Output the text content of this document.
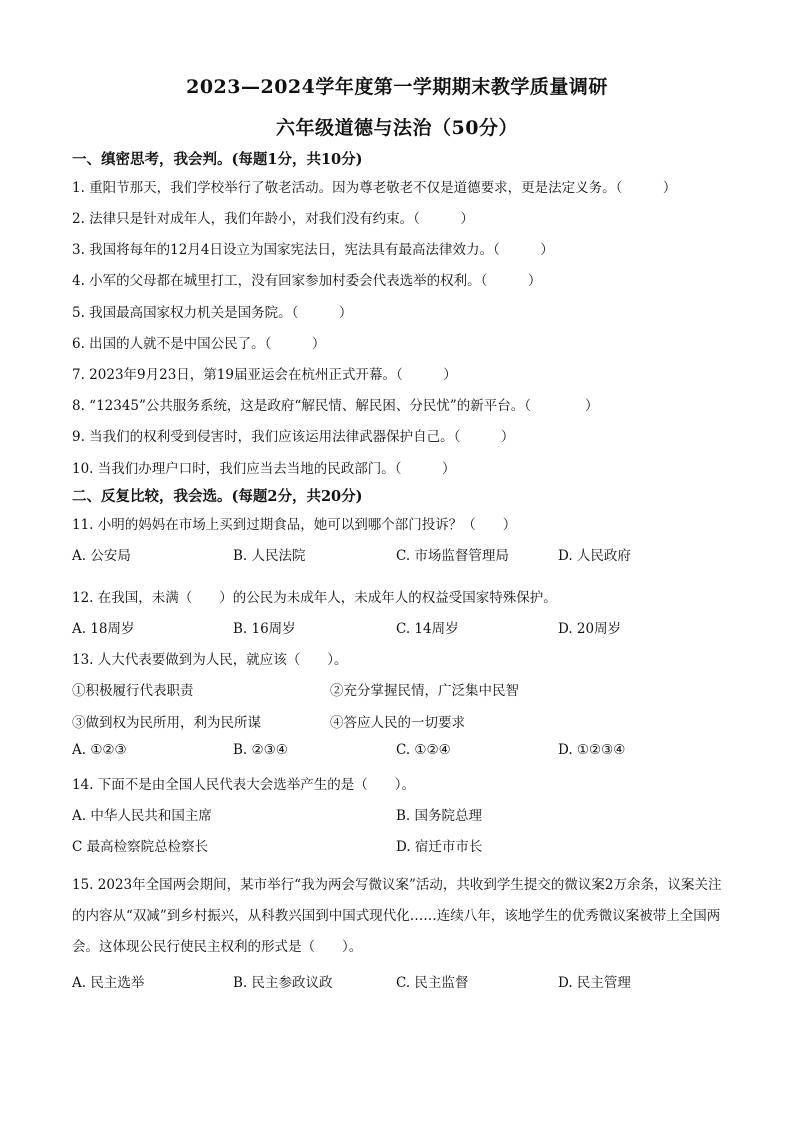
2023—2024学年度第一学期期末教学质量调研
六年级道德与法治（50分）
一、缜密思考，我会判。(每题1分，共10分)
1. 重阳节那天，我们学校举行了敬老活动。因为尊老敬老不仅是道德要求，更是法定义务。（　　　）
2. 法律只是针对成年人，我们年龄小，对我们没有约束。（　　　）
3. 我国将每年的12月4日设立为国家宪法日，宪法具有最高法律效力。（　　　）
4. 小军的父母都在城里打工，没有回家参加村委会代表选举的权利。（　　　）
5. 我国最高国家权力机关是国务院。（　　　）
6. 出国的人就不是中国公民了。（　　　）
7. 2023年9月23日，第19届亚运会在杭州正式开幕。（　　　）
8. “12345”公共服务系统，这是政府“解民情、解民困、分民忧”的新平台。（　　　　）
9. 当我们的权利受到侵害时，我们应该运用法律武器保护自己。（　　　）
10. 当我们办理户口时，我们应当去当地的民政部门。（　　　）
二、反复比较，我会选。(每题2分，共20分)
11. 小明的妈妈在市场上买到过期食品，她可以到哪个部门投诉？（　　）
A. 公安局	B. 人民法院	C. 市场监督管理局	D. 人民政府
12. 在我国，未满（　　）的公民为未成年人，未成年人的权益受国家特殊保护。
A. 18周岁	B. 16周岁	C. 14周岁	D. 20周岁
13. 人大代表要做到为人民，就应该（　　）。
①积极履行代表职责	②充分掌握民情，广泛集中民智
③做到权为民所用，利为民所谋	④答应人民的一切要求
A. ①②③	B. ②③④	C. ①②④	D. ①②③④
14. 下面不是由全国人民代表大会选举产生的是（　　）。
A. 中华人民共和国主席	B. 国务院总理
C 最高检察院总检察长	D. 宿迁市市长
15. 2023年全国两会期间，某市举行“我为两会写微议案”活动，共收到学生提交的微议案2万余条，议案关注的内容从“双减”到乡村振兴，从科教兴国到中国式现代化……连续八年，该地学生的优秀微议案被带上全国两会。这体现公民行使民主权利的形式是（　　）。
A. 民主选举	B. 民主参政议政	C. 民主监督	D. 民主管理
